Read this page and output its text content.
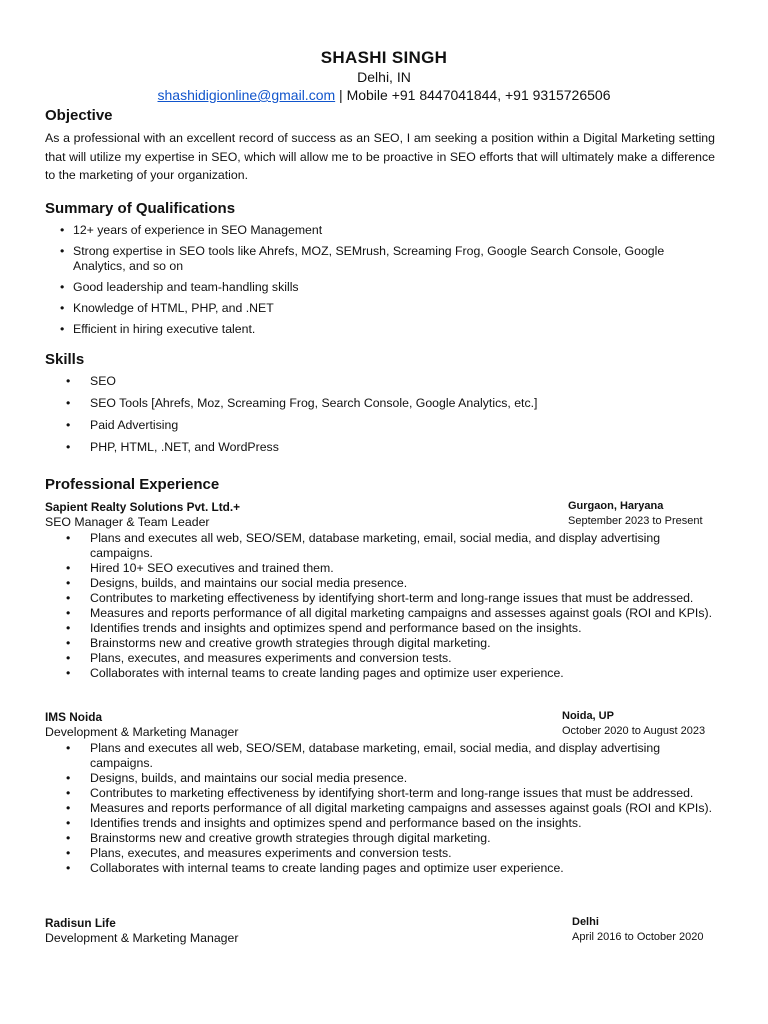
SHASHI SINGH
Delhi, IN
shashidigionline@gmail.com | Mobile +91 8447041844, +91 9315726506
Objective
As a professional with an excellent record of success as an SEO, I am seeking a position within a Digital Marketing setting that will utilize my expertise in SEO, which will allow me to be proactive in SEO efforts that will ultimately make a difference to the marketing of your organization.
Summary of Qualifications
• 12+ years of experience in SEO Management
• Strong expertise in SEO tools like Ahrefs, MOZ, SEMrush, Screaming Frog, Google Search Console, Google Analytics, and so on
• Good leadership and team-handling skills
• Knowledge of HTML, PHP, and .NET
• Efficient in hiring executive talent.
Skills
• SEO
• SEO Tools [Ahrefs, Moz, Screaming Frog, Search Console, Google Analytics, etc.]
• Paid Advertising
• PHP, HTML, .NET, and WordPress
Professional Experience
Sapient Realty Solutions Pvt. Ltd.+	Gurgaon, Haryana
SEO Manager & Team Leader	September 2023 to Present
• Plans and executes all web, SEO/SEM, database marketing, email, social media, and display advertising campaigns.
• Hired 10+ SEO executives and trained them.
• Designs, builds, and maintains our social media presence.
• Contributes to marketing effectiveness by identifying short-term and long-range issues that must be addressed.
• Measures and reports performance of all digital marketing campaigns and assesses against goals (ROI and KPIs).
• Identifies trends and insights and optimizes spend and performance based on the insights.
• Brainstorms new and creative growth strategies through digital marketing.
• Plans, executes, and measures experiments and conversion tests.
• Collaborates with internal teams to create landing pages and optimize user experience.
IMS Noida	Noida, UP
Development & Marketing Manager	October 2020 to August 2023
• Plans and executes all web, SEO/SEM, database marketing, email, social media, and display advertising campaigns.
• Designs, builds, and maintains our social media presence.
• Contributes to marketing effectiveness by identifying short-term and long-range issues that must be addressed.
• Measures and reports performance of all digital marketing campaigns and assesses against goals (ROI and KPIs).
• Identifies trends and insights and optimizes spend and performance based on the insights.
• Brainstorms new and creative growth strategies through digital marketing.
• Plans, executes, and measures experiments and conversion tests.
• Collaborates with internal teams to create landing pages and optimize user experience.
Radisun Life	Delhi
Development & Marketing Manager	April 2016 to October 2020
